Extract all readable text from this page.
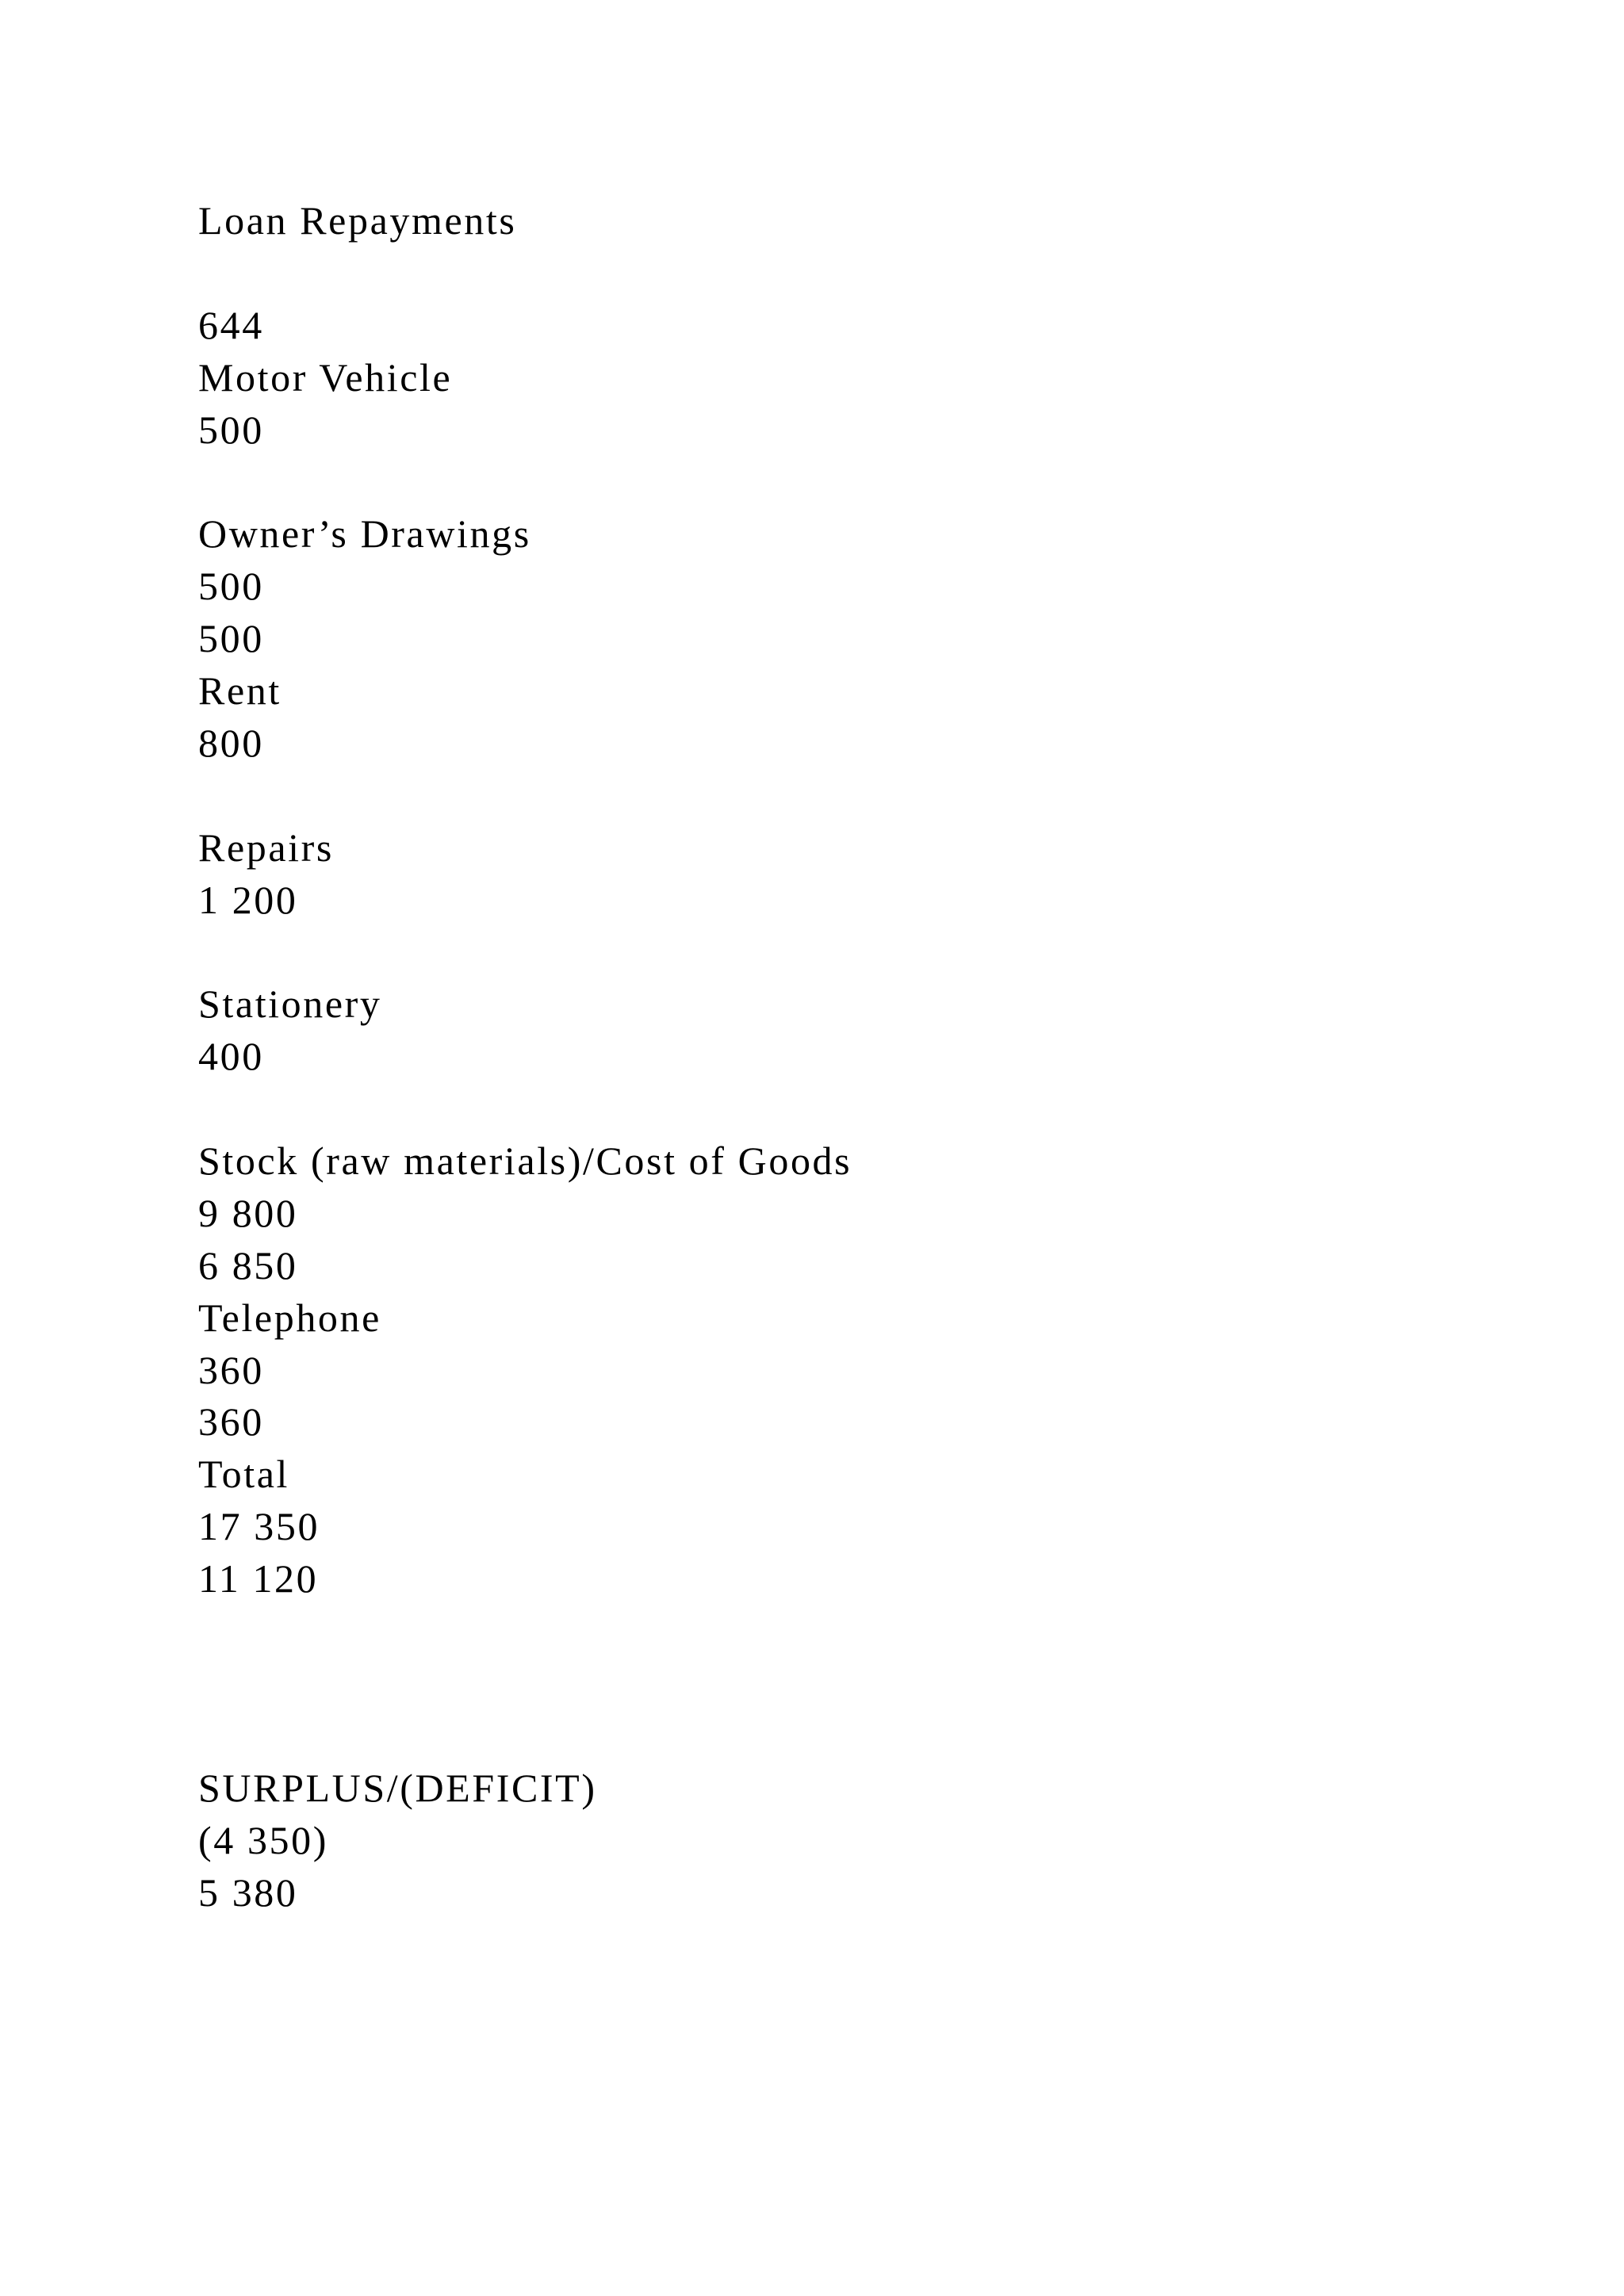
Loan Repayments
644
Motor Vehicle
500
Owner’s Drawings
500
500
Rent
800
Repairs
1 200
Stationery
400
Stock (raw materials)/Cost of Goods
9 800
6 850
Telephone
360
360
Total
17 350
11 120
SURPLUS/(DEFICIT)
(4 350)
5 380
